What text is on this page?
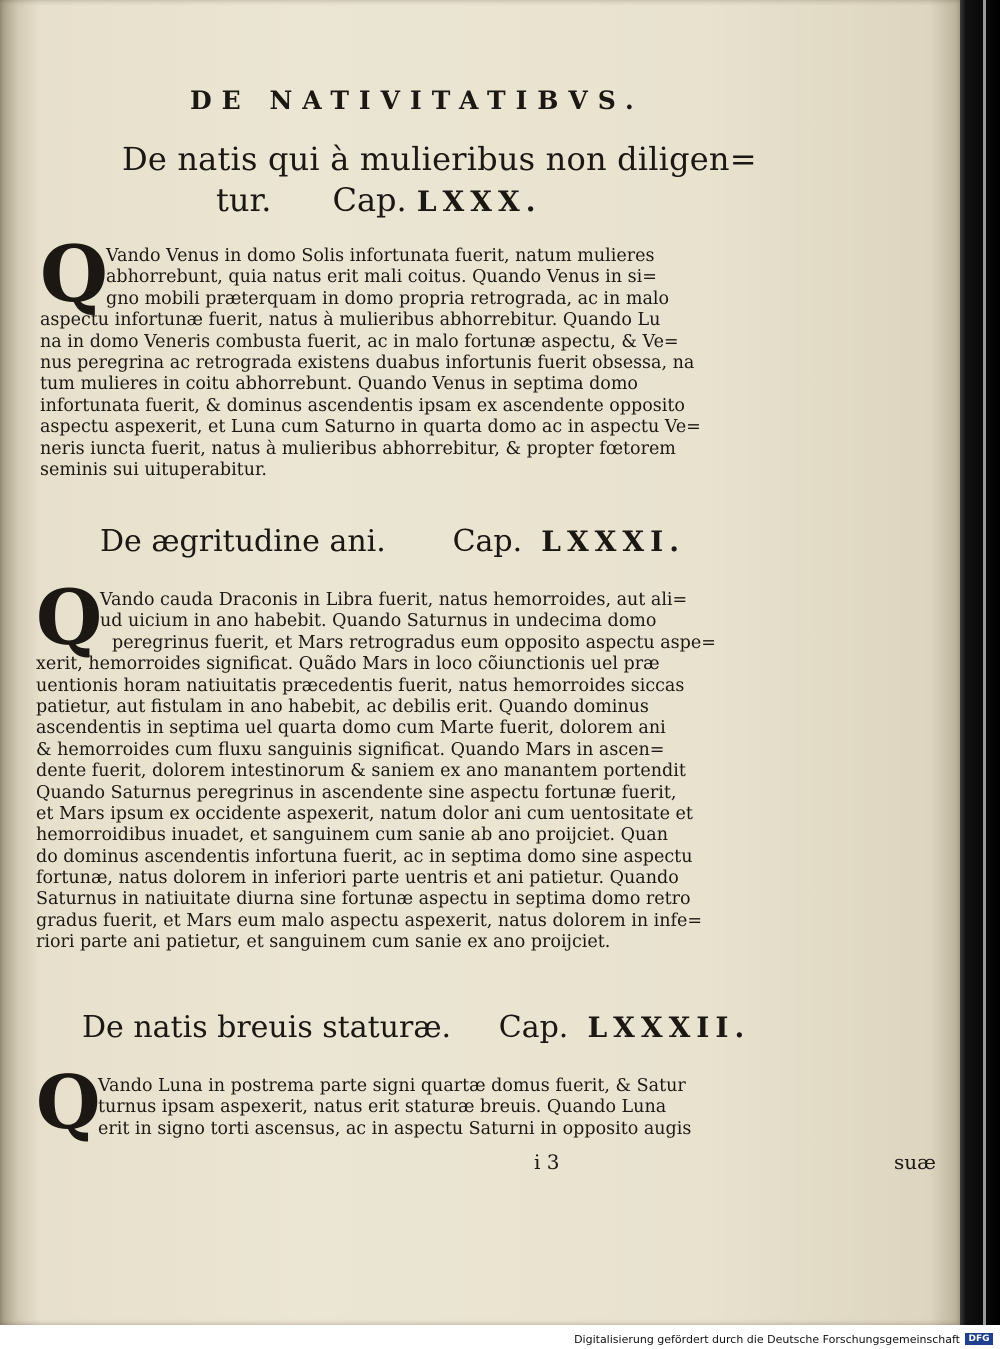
DE NATIVITATIBVS.
De natis qui à mulieribus non diligen=
tur. Cap. LXXX.
Q
Vando Venus in domo Solis infortunata fuerit, natum mulieres
abhorrebunt, quia natus erit mali coitus. Quando Venus in si=
gno mobili præterquam in domo propria retrograda, ac in malo
aspectu infortunæ fuerit, natus à mulieribus abhorrebitur. Quando Lu
na in domo Veneris combusta fuerit, ac in malo fortunæ aspectu, & Ve=
nus peregrina ac retrograda existens duabus infortunis fuerit obsessa, na
tum mulieres in coitu abhorrebunt. Quando Venus in septima domo
infortunata fuerit, & dominus ascendentis ipsam ex ascendente opposito
aspectu aspexerit, et Luna cum Saturno in quarta domo ac in aspectu Ve=
neris iuncta fuerit, natus à mulieribus abhorrebitur, & propter fœtorem
seminis sui uituperabitur.
De ægritudine ani. Cap. LXXXI.
Q
Vando cauda Draconis in Libra fuerit, natus hemorroides, aut ali=
ud uicium in ano habebit. Quando Saturnus in undecima domo
peregrinus fuerit, et Mars retrogradus eum opposito aspectu aspe=
xerit, hemorroides significat. Quãdo Mars in loco cõiunctionis uel præ
uentionis horam natiuitatis præcedentis fuerit, natus hemorroides siccas
patietur, aut fistulam in ano habebit, ac debilis erit. Quando dominus
ascendentis in septima uel quarta domo cum Marte fuerit, dolorem ani
& hemorroides cum fluxu sanguinis significat. Quando Mars in ascen=
dente fuerit, dolorem intestinorum & saniem ex ano manantem portendit
Quando Saturnus peregrinus in ascendente sine aspectu fortunæ fuerit,
et Mars ipsum ex occidente aspexerit, natum dolor ani cum uentositate et
hemorroidibus inuadet, et sanguinem cum sanie ab ano proijciet. Quan
do dominus ascendentis infortuna fuerit, ac in septima domo sine aspectu
fortunæ, natus dolorem in inferiori parte uentris et ani patietur. Quando
Saturnus in natiuitate diurna sine fortunæ aspectu in septima domo retro
gradus fuerit, et Mars eum malo aspectu aspexerit, natus dolorem in infe=
riori parte ani patietur, et sanguinem cum sanie ex ano proijciet.
De natis breuis staturæ. Cap. LXXXII.
Q
Vando Luna in postrema parte signi quartæ domus fuerit, & Satur
turnus ipsam aspexerit, natus erit staturæ breuis. Quando Luna
erit in signo torti ascensus, ac in aspectu Saturni in opposito augis
i 3	suæ
Digitalisierung gefördert durch die Deutsche Forschungsgemeinschaft DFG
